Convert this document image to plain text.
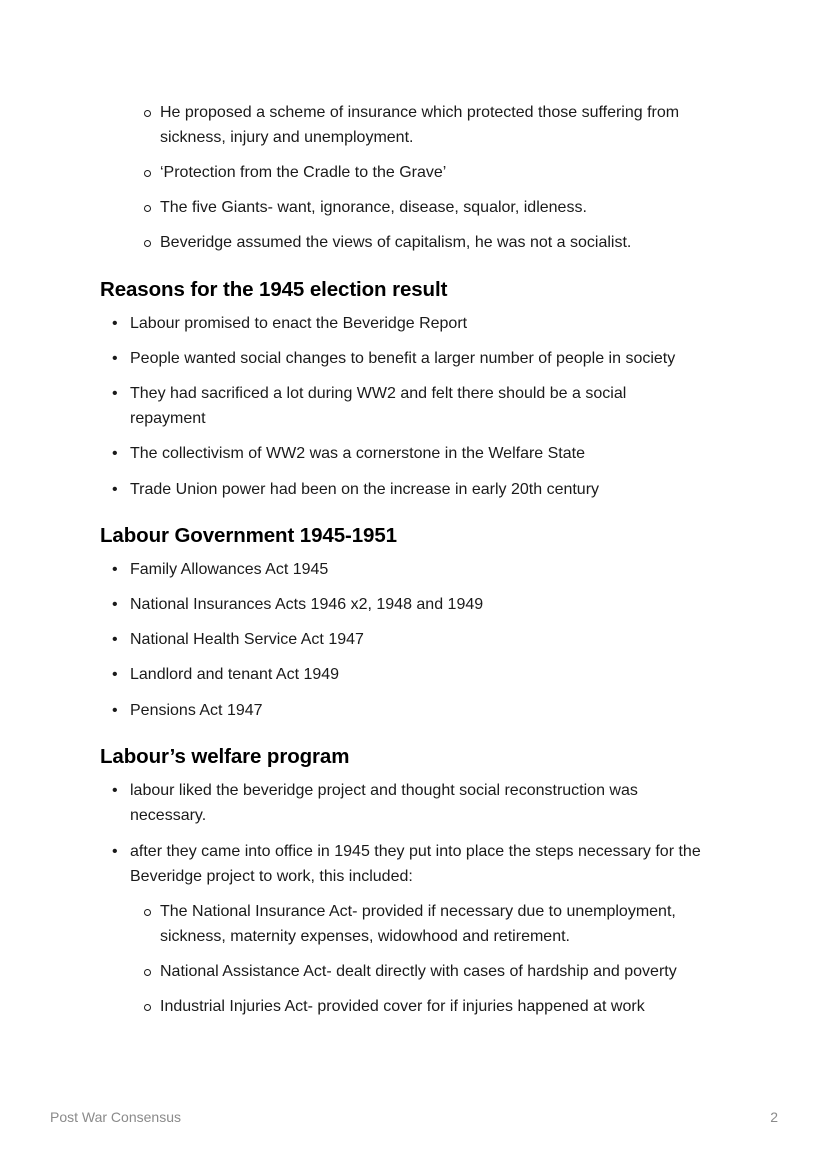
He proposed a scheme of insurance which protected those suffering from sickness, injury and unemployment.
‘Protection from the Cradle to the Grave’
The five Giants- want, ignorance, disease, squalor, idleness.
Beveridge assumed the views of capitalism, he was not a socialist.
Reasons for the 1945 election result
• Labour promised to enact the Beveridge Report
• People wanted social changes to benefit a larger number of people in society
• They had sacrificed a lot during WW2 and felt there should be a social repayment
• The collectivism of WW2 was a cornerstone in the Welfare State
• Trade Union power had been on the increase in early 20th century
Labour Government 1945-1951
• Family Allowances Act 1945
• National Insurances Acts 1946 x2, 1948 and 1949
• National Health Service Act 1947
• Landlord and tenant Act 1949
• Pensions Act 1947
Labour’s welfare program
• labour liked the beveridge project and thought social reconstruction was necessary.
• after they came into office in 1945 they put into place the steps necessary for the Beveridge project to work, this included:
The National Insurance Act- provided if necessary due to unemployment, sickness, maternity expenses, widowhood and retirement.
National Assistance Act- dealt directly with cases of hardship and poverty
Industrial Injuries Act- provided cover for if injuries happened at work
Post War Consensus	2
